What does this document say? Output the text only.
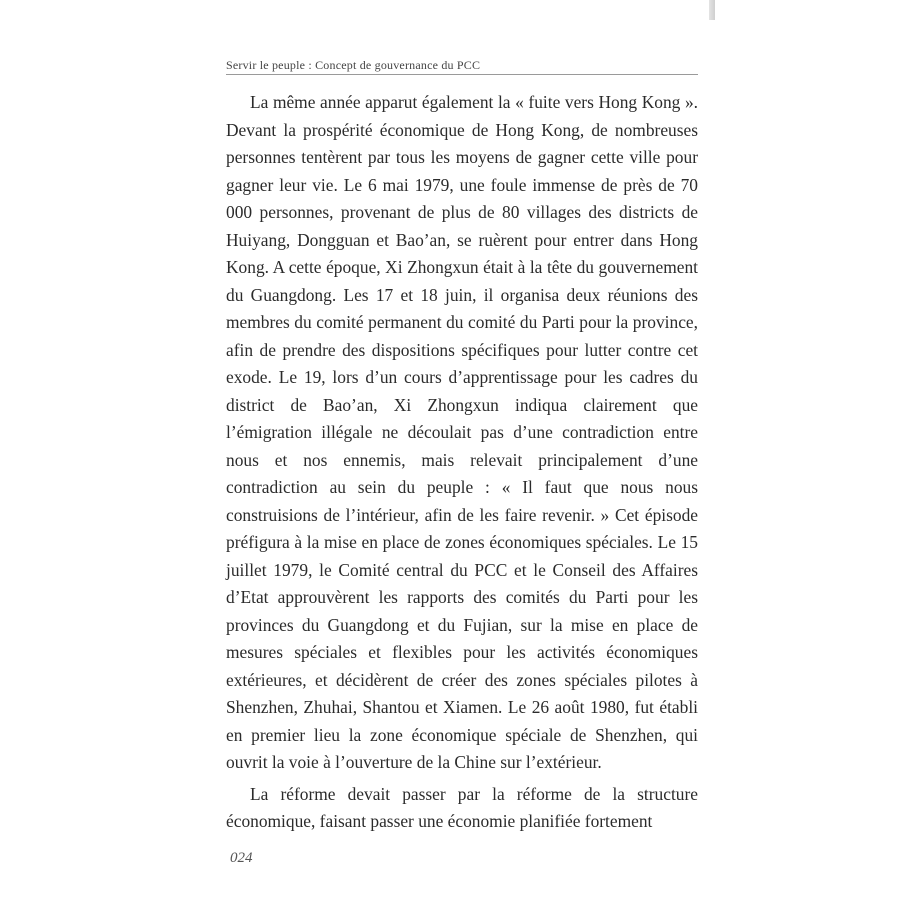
Servir le peuple : Concept de gouvernance du PCC

La même année apparut également la « fuite vers Hong Kong ». Devant la prospérité économique de Hong Kong, de nombreuses personnes tentèrent par tous les moyens de gagner cette ville pour gagner leur vie. Le 6 mai 1979, une foule immense de près de 70 000 personnes, provenant de plus de 80 villages des districts de Huiyang, Dongguan et Bao’an, se ruèrent pour entrer dans Hong Kong. A cette époque, Xi Zhongxun était à la tête du gouvernement du Guangdong. Les 17 et 18 juin, il organisa deux réunions des membres du comité permanent du comité du Parti pour la province, afin de prendre des dispositions spécifiques pour lutter contre cet exode. Le 19, lors d’un cours d’apprentissage pour les cadres du district de Bao’an, Xi Zhongxun indiqua clairement que l’émigration illégale ne découlait pas d’une contradiction entre nous et nos ennemis, mais relevait principalement d’une contradiction au sein du peuple : « Il faut que nous nous construisions de l’intérieur, afin de les faire revenir. » Cet épisode préfigura à la mise en place de zones économiques spéciales. Le 15 juillet 1979, le Comité central du PCC et le Conseil des Affaires d’Etat approuvèrent les rapports des comités du Parti pour les provinces du Guangdong et du Fujian, sur la mise en place de mesures spéciales et flexibles pour les activités économiques extérieures, et décidèrent de créer des zones spéciales pilotes à Shenzhen, Zhuhai, Shantou et Xiamen. Le 26 août 1980, fut établi en premier lieu la zone économique spéciale de Shenzhen, qui ouvrit la voie à l’ouverture de la Chine sur l’extérieur.

La réforme devait passer par la réforme de la structure économique, faisant passer une économie planifiée fortement

024
